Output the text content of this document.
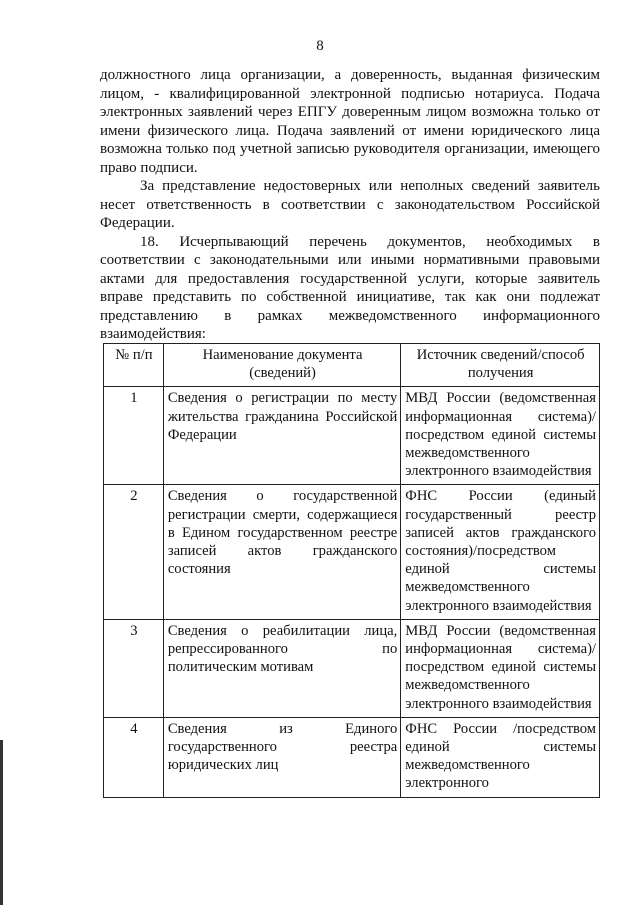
8

должностного лица организации, а доверенность, выданная физическим лицом, - квалифицированной электронной подписью нотариуса. Подача электронных заявлений через ЕПГУ доверенным лицом возможна только от имени физического лица. Подача заявлений от имени юридического лица возможна только под учетной записью руководителя организации, имеющего право подписи.

За представление недостоверных или неполных сведений заявитель несет ответственность в соответствии с законодательством Российской Федерации.

18. Исчерпывающий перечень документов, необходимых в соответствии с законодательными или иными нормативными правовыми актами для предоставления государственной услуги, которые заявитель вправе представить по собственной инициативе, так как они подлежат представлению в рамках межведомственного информационного взаимодействия:

№ п/п	Наименование документа (сведений)	Источник сведений/способ получения
1	Сведения о регистрации по месту жительства гражданина Российской Федерации	МВД России (ведомственная информационная система)/посредством единой системы межведомственного электронного взаимодействия
2	Сведения о государственной регистрации смерти, содержащиеся в Едином государственном реестре записей актов гражданского состояния	ФНС России (единый государственный реестр записей актов гражданского состояния)/посредством единой системы межведомственного электронного взаимодействия
3	Сведения о реабилитации лица, репрессированного по политическим мотивам	МВД России (ведомственная информационная система)/посредством единой системы межведомственного электронного взаимодействия
4	Сведения из Единого государственного реестра юридических лиц	ФНС России /посредством единой системы межведомственного электронного
